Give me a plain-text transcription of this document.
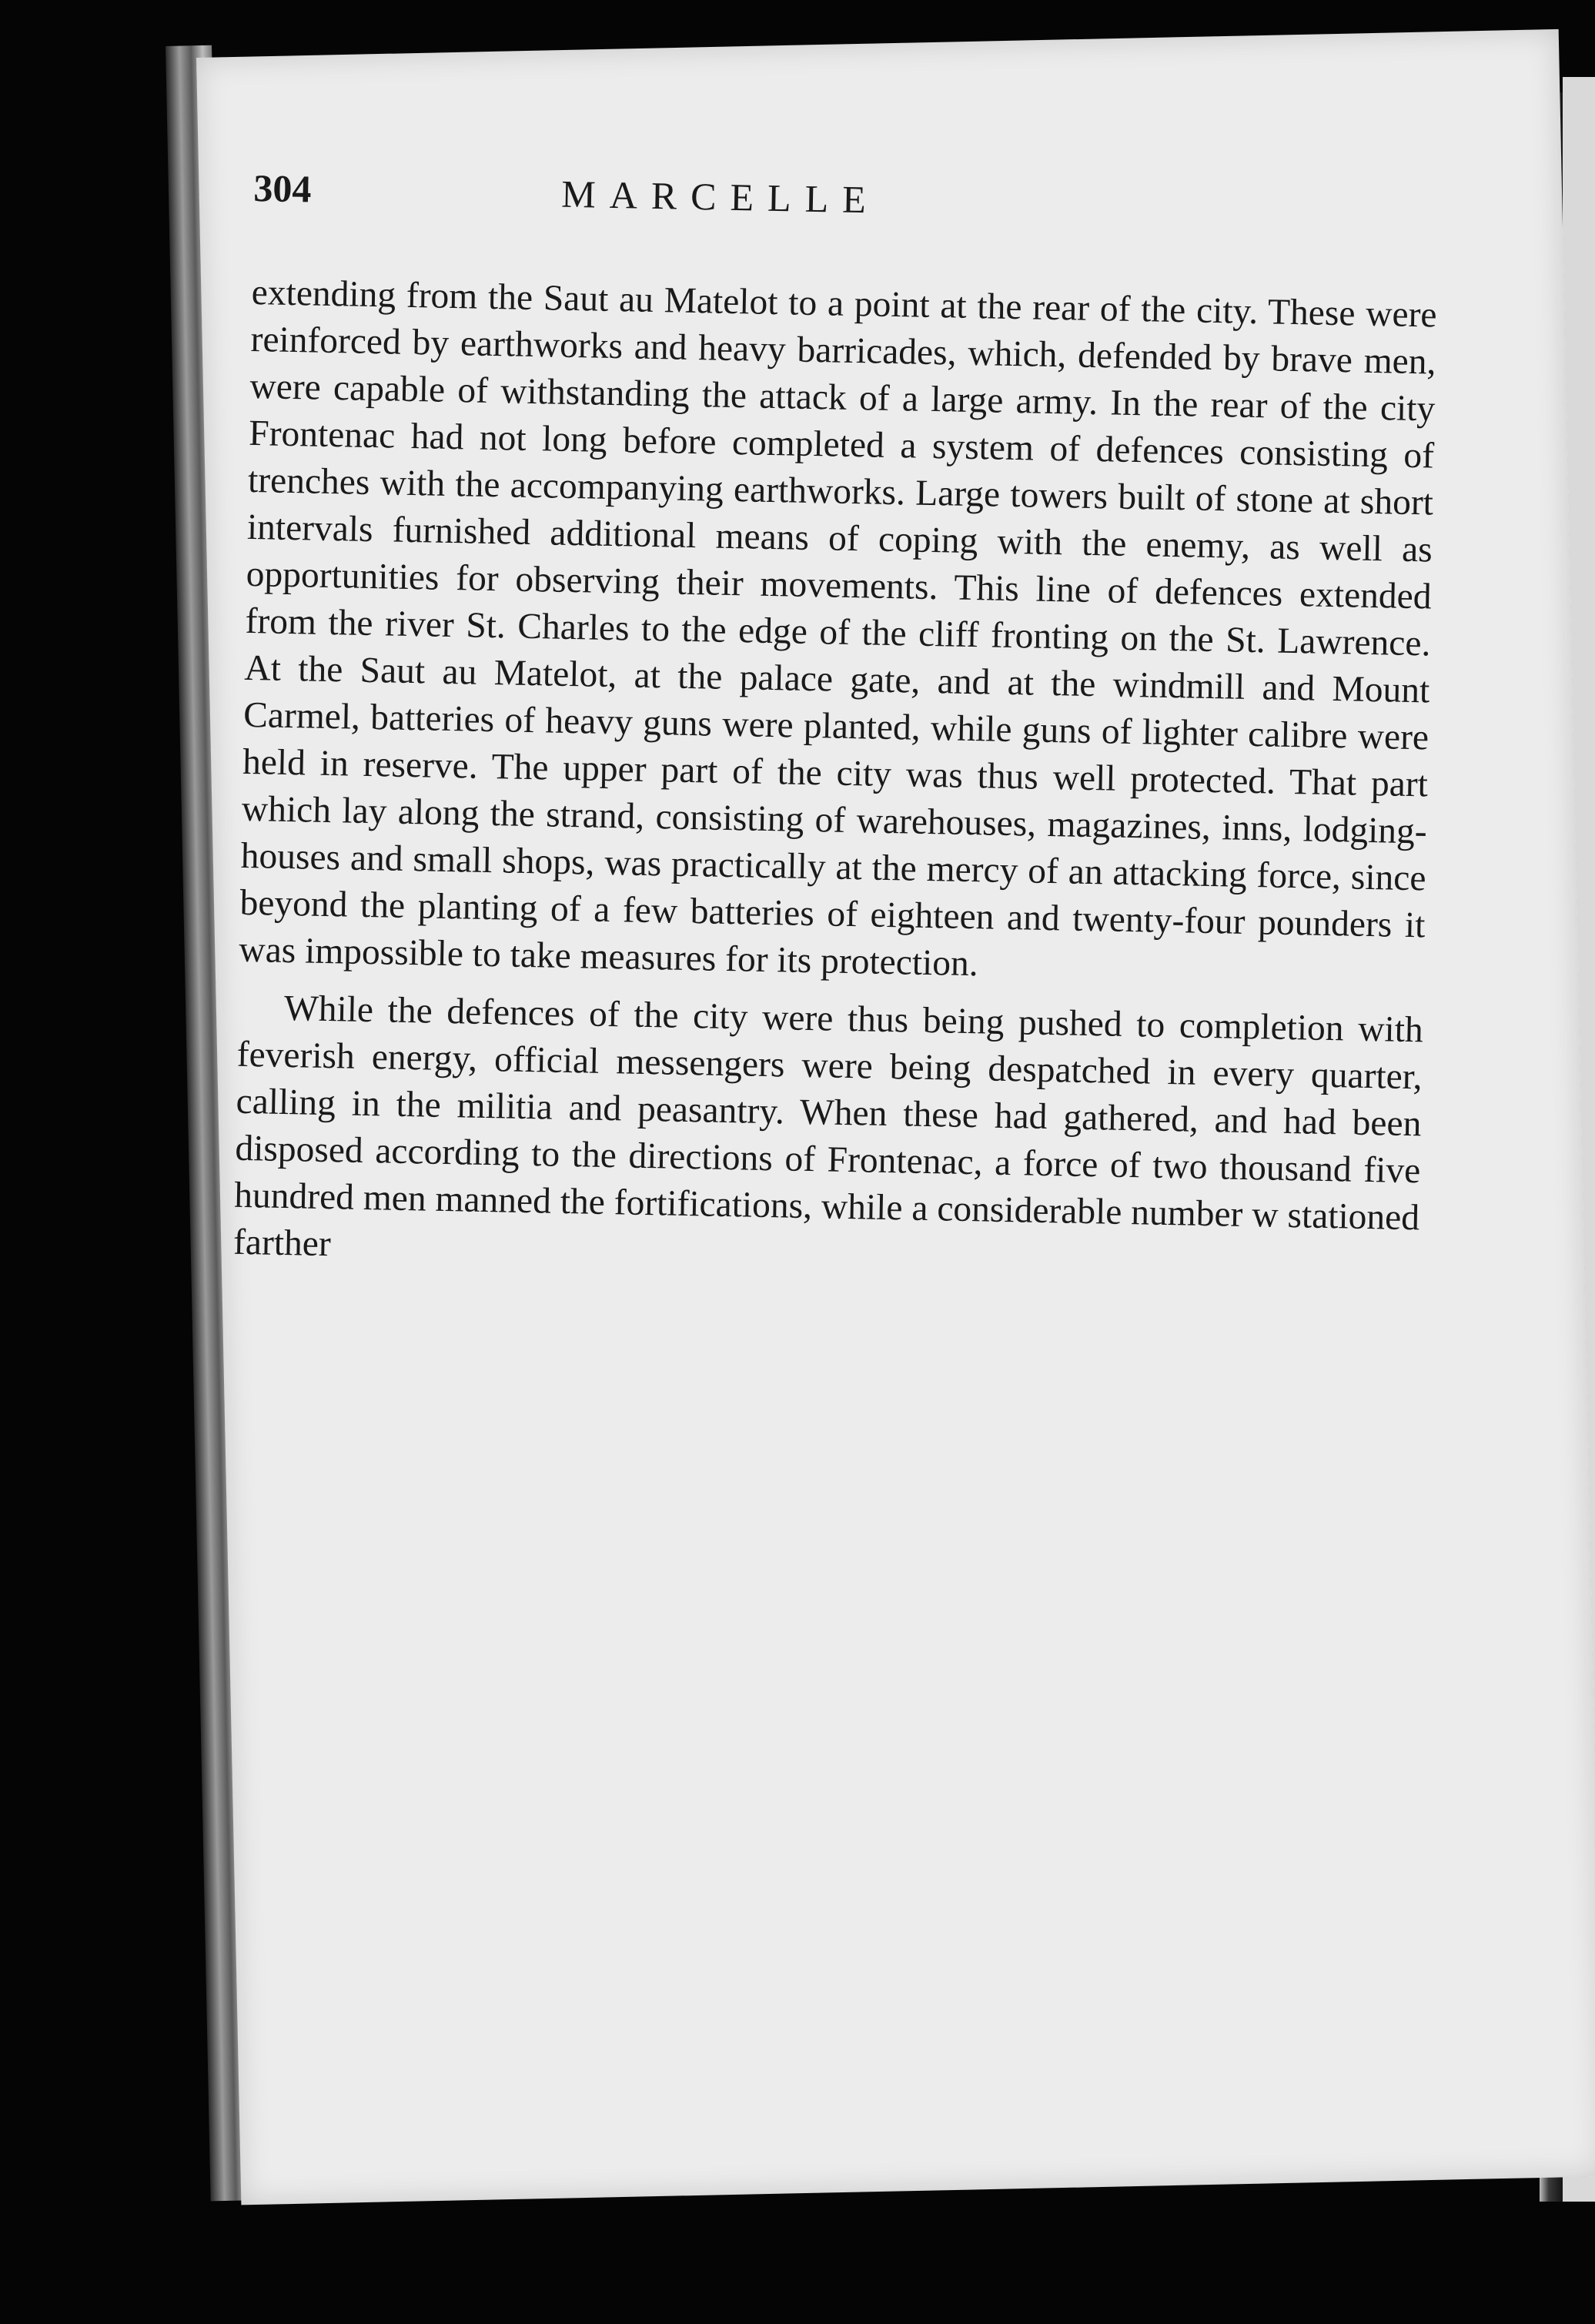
304	MARCELLE

extending from the Saut au Matelot to a point at the rear of the city. These were reinforced by earthworks and heavy barricades, which, defended by brave men, were capable of withstanding the attack of a large army. In the rear of the city Frontenac had not long before completed a system of defences consisting of trenches with the accompanying earthworks. Large towers built of stone at short intervals furnished additional means of coping with the enemy, as well as opportunities for observing their movements. This line of defences extended from the river St. Charles to the edge of the cliff fronting on the St. Lawrence. At the Saut au Matelot, at the palace gate, and at the windmill and Mount Carmel, batteries of heavy guns were planted, while guns of lighter calibre were held in reserve. The upper part of the city was thus well protected. That part which lay along the strand, consisting of warehouses, magazines, inns, lodging-houses and small shops, was practically at the mercy of an attacking force, since beyond the planting of a few batteries of eighteen and twenty-four pounders it was impossible to take measures for its protection.

While the defences of the city were thus being pushed to completion with feverish energy, official messengers were being despatched in every quarter, calling in the militia and peasantry. When these had gathered, and had been disposed according to the directions of Frontenac, a force of two thousand five hundred men manned the fortifications, while a considerable number w stationed farther
